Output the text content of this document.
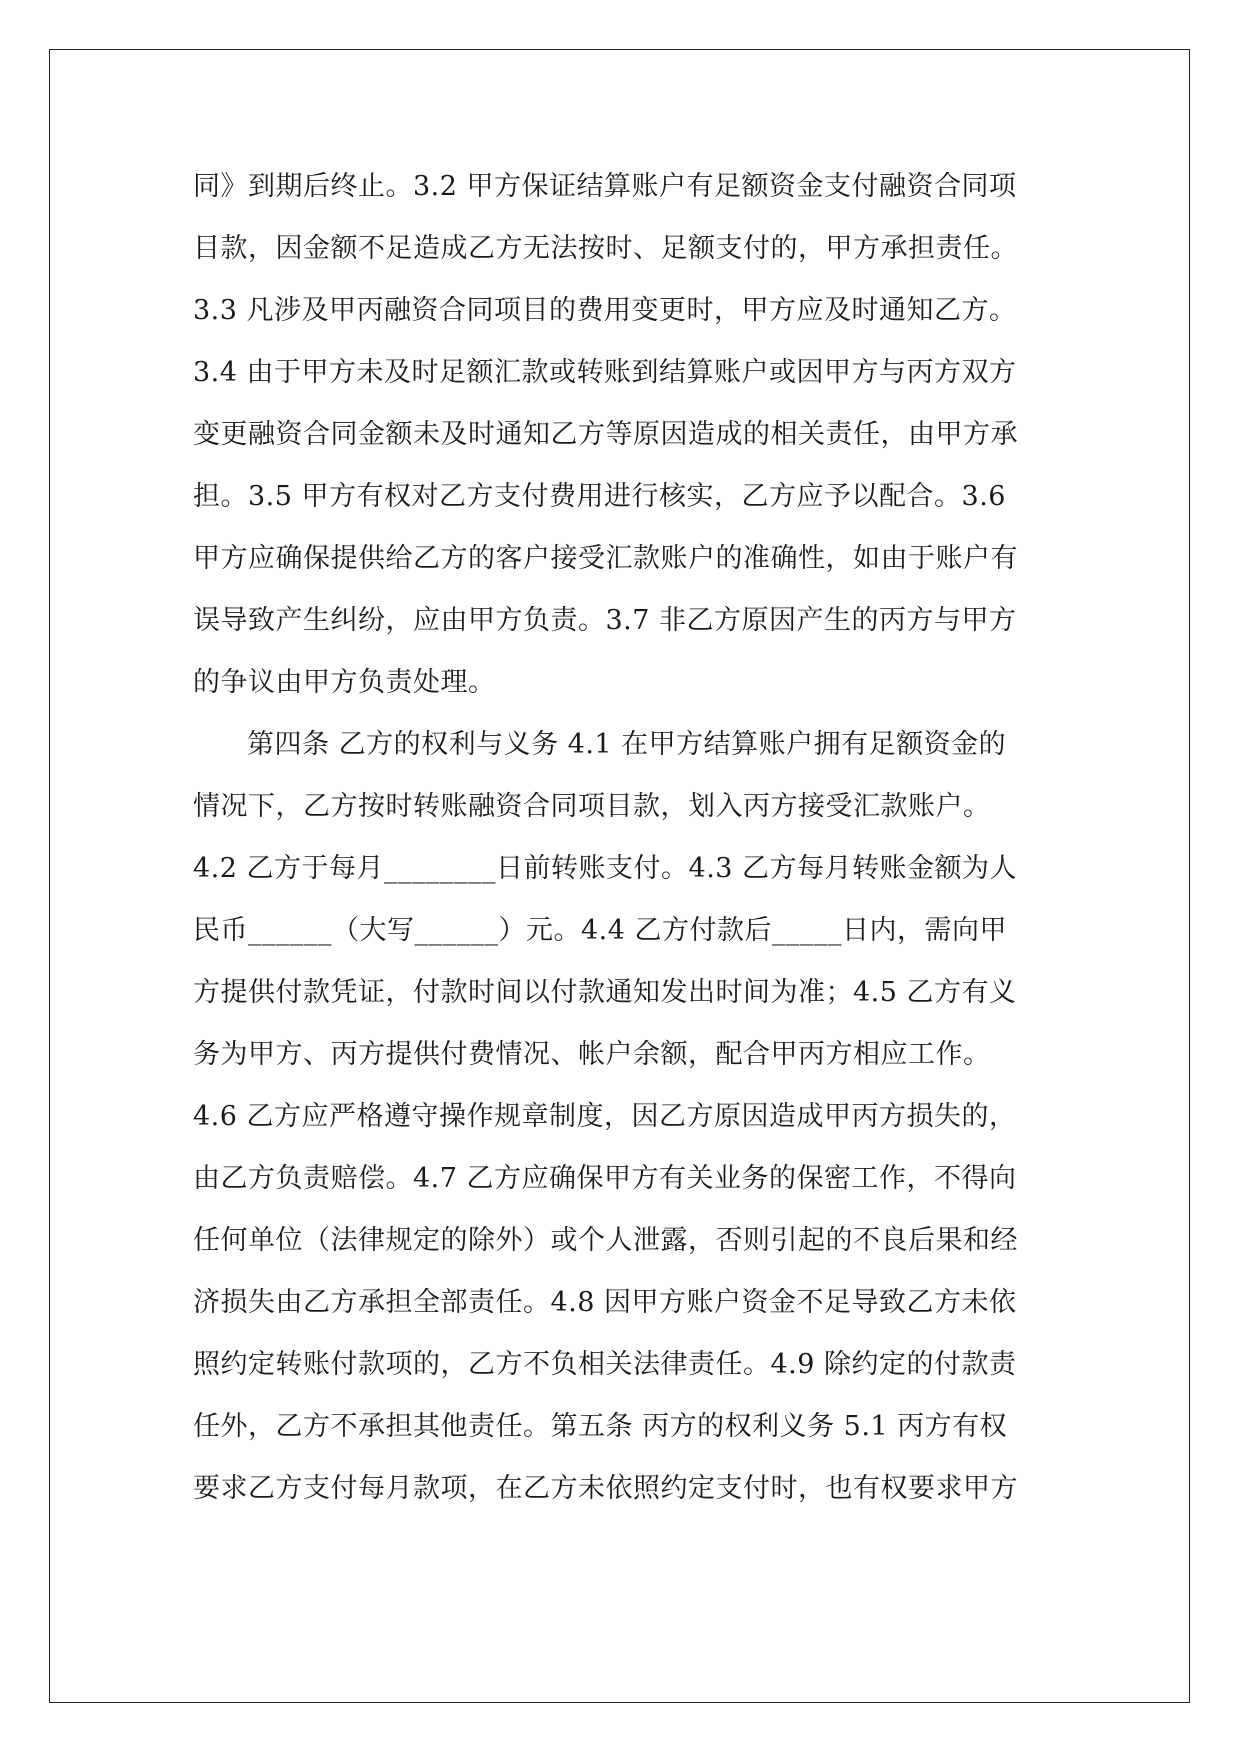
同》到期后终止。3.2 甲方保证结算账户有足额资金支付融资合同项
目款，因金额不足造成乙方无法按时、足额支付的，甲方承担责任。
3.3 凡涉及甲丙融资合同项目的费用变更时，甲方应及时通知乙方。
3.4 由于甲方未及时足额汇款或转账到结算账户或因甲方与丙方双方
变更融资合同金额未及时通知乙方等原因造成的相关责任，由甲方承
担。3.5 甲方有权对乙方支付费用进行核实，乙方应予以配合。3.6
甲方应确保提供给乙方的客户接受汇款账户的准确性，如由于账户有
误导致产生纠纷，应由甲方负责。3.7 非乙方原因产生的丙方与甲方
的争议由甲方负责处理。
第四条 乙方的权利与义务 4.1 在甲方结算账户拥有足额资金的
情况下，乙方按时转账融资合同项目款，划入丙方接受汇款账户。
4.2 乙方于每月________日前转账支付。4.3 乙方每月转账金额为人
民币______（大写______）元。4.4 乙方付款后_____日内，需向甲
方提供付款凭证，付款时间以付款通知发出时间为准；4.5 乙方有义
务为甲方、丙方提供付费情况、帐户余额，配合甲丙方相应工作。
4.6 乙方应严格遵守操作规章制度，因乙方原因造成甲丙方损失的，
由乙方负责赔偿。4.7 乙方应确保甲方有关业务的保密工作，不得向
任何单位（法律规定的除外）或个人泄露，否则引起的不良后果和经
济损失由乙方承担全部责任。4.8 因甲方账户资金不足导致乙方未依
照约定转账付款项的，乙方不负相关法律责任。4.9 除约定的付款责
任外，乙方不承担其他责任。第五条 丙方的权利义务 5.1 丙方有权
要求乙方支付每月款项，在乙方未依照约定支付时，也有权要求甲方
